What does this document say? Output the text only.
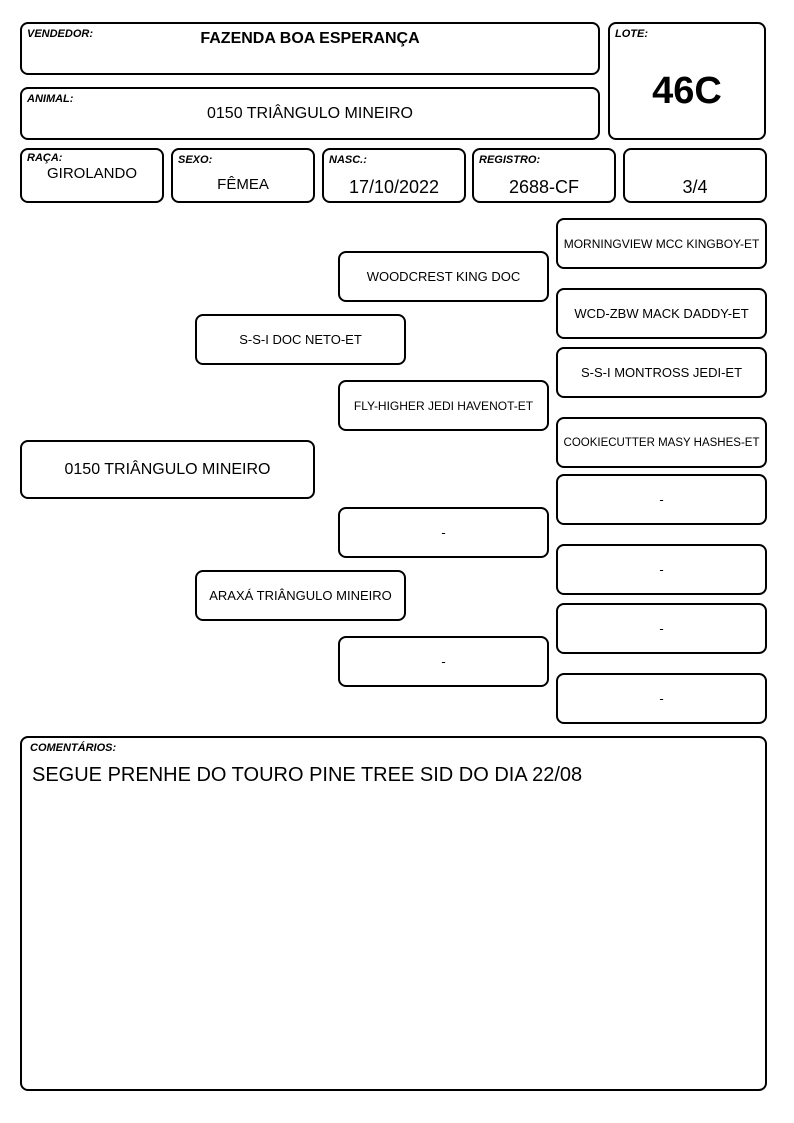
VENDEDOR:	FAZENDA BOA ESPERANÇA	LOTE:
46C
ANIMAL:
0150 TRIÂNGULO MINEIRO
RAÇA:
GIROLANDO
SEXO:
FÊMEA
NASC.:
17/10/2022
REGISTRO:
2688-CF	3/4
0150 TRIÂNGULO MINEIRO
S-S-I DOC NETO-ET
ARAXÁ TRIÂNGULO MINEIRO
WOODCREST KING DOC
FLY-HIGHER JEDI HAVENOT-ET
-
-
MORNINGVIEW MCC KINGBOY-ET
WCD-ZBW MACK DADDY-ET
S-S-I MONTROSS JEDI-ET
COOKIECUTTER MASY HASHES-ET
-
-
-
-
COMENTÁRIOS:
SEGUE PRENHE DO TOURO PINE TREE SID DO DIA 22/08
